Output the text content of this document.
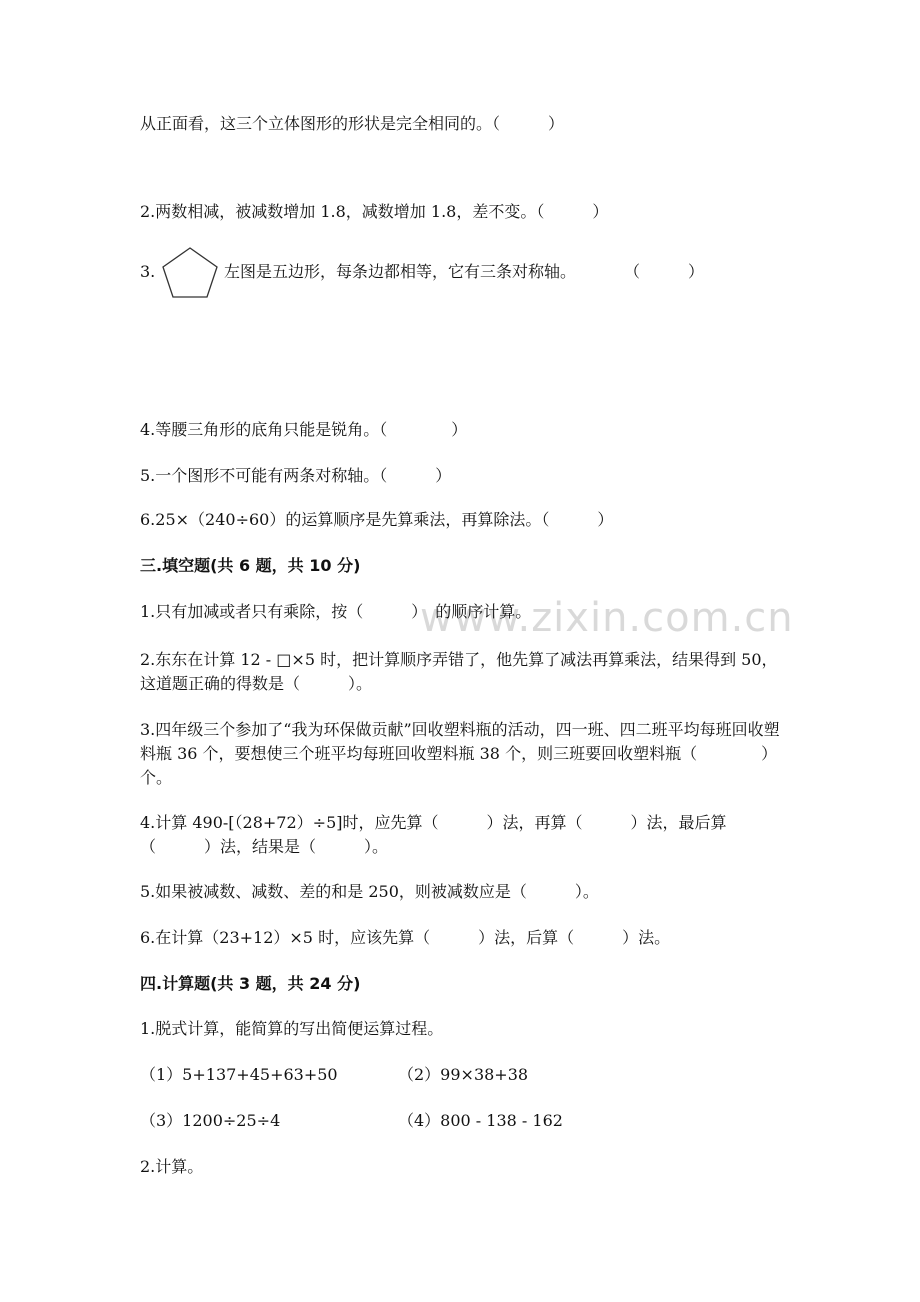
www.zixin.com.cn
从正面看，这三个立体图形的形状是完全相同的。（　　　）
2.两数相减，被减数增加 1.8，减数增加 1.8，差不变。（　　　）
3.	左图是五边形，每条边都相等，它有三条对称轴。　　　　（　　　）
4.等腰三角形的底角只能是锐角。（　　　　）
5.一个图形不可能有两条对称轴。（　　　）
6.25×（240÷60）的运算顺序是先算乘法，再算除法。（　　　）
三.填空题(共 6 题，共 10 分)
1.只有加减或者只有乘除，按（　　　）　的顺序计算。
2.东东在计算 12 - □×5 时，把计算顺序弄错了，他先算了减法再算乘法，结果得到 50，这道题正确的得数是（　　　）。
3.四年级三个参加了“我为环保做贡献”回收塑料瓶的活动，四一班、四二班平均每班回收塑料瓶 36 个，要想使三个班平均每班回收塑料瓶 38 个，则三班要回收塑料瓶（　　　　）个。
4.计算 490-[（28+72）÷5]时，应先算（　　　）法，再算（　　　）法，最后算（　　　）法，结果是（　　　）。
5.如果被减数、减数、差的和是 250，则被减数应是（　　　）。
6.在计算（23+12）×5 时，应该先算（　　　）法，后算（　　　）法。
四.计算题(共 3 题，共 24 分)
1.脱式计算，能简算的写出简便运算过程。
（1）5+137+45+63+50	（2）99×38+38
（3）1200÷25÷4	（4）800 - 138 - 162
2.计算。
